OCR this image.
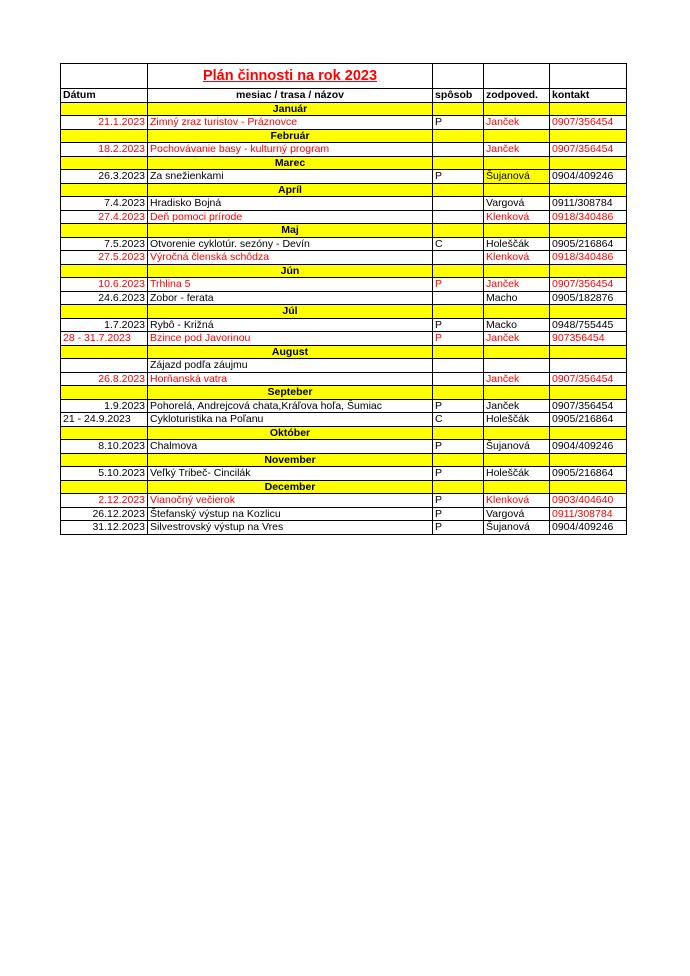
	Plán činnosti na rok 2023			
Dátum	mesiac / trasa / názov	spôsob	zodpoved.	kontakt
	Január			
21.1.2023	Zimný zraz turistov - Práznovce	P	Janček	0907/356454
	Február			
18.2.2023	Pochovávanie basy - kulturný program		Janček	0907/356454
	Marec			
26.3.2023	Za snežienkami	P	Šujanová	0904/409246
	Apríl			
7.4.2023	Hradisko Bojná		Vargová	0911/308784
27.4.2023	Deň pomoci prírode		Klenková	0918/340486
	Maj			
7.5.2023	Otvorenie cyklotúr. sezóny - Devín	C	Holeščák	0905/216864
27.5.2023	Výročná členská schôdza		Klenková	0918/340486
	Jún			
10.6.2023	Trhlina 5	P	Janček	0907/356454
24.6.2023	Zobor - ferata		Macho	0905/182876
	Júl			
1.7.2023	Rybô - Križná	P	Macko	0948/755445
28 - 31.7.2023	Bzince pod Javorinou	P	Janček	907356454
	August			
	Zájazd podľa záujmu			
26.8.2023	Horňanská vatra		Janček	0907/356454
	Septeber			
1.9.2023	Pohorelá, Andrejcová chata,Kráľova hoľa, Šumiac	P	Janček	0907/356454
21 - 24.9.2023	Cykloturistika na Poľanu	C	Holeščák	0905/216864
	Október			
8.10.2023	Chalmova	P	Šujanová	0904/409246
	November			
5.10.2023	Veľký Tribeč- Cincilák	P	Holeščák	0905/216864
	December			
2.12.2023	Vianočný večierok	P	Klenková	0903/404640
26.12.2023	Štefanský výstup na Kozlicu	P	Vargová	0911/308784
31.12.2023	Silvestrovský výstup na Vres	P	Šujanová	0904/409246
